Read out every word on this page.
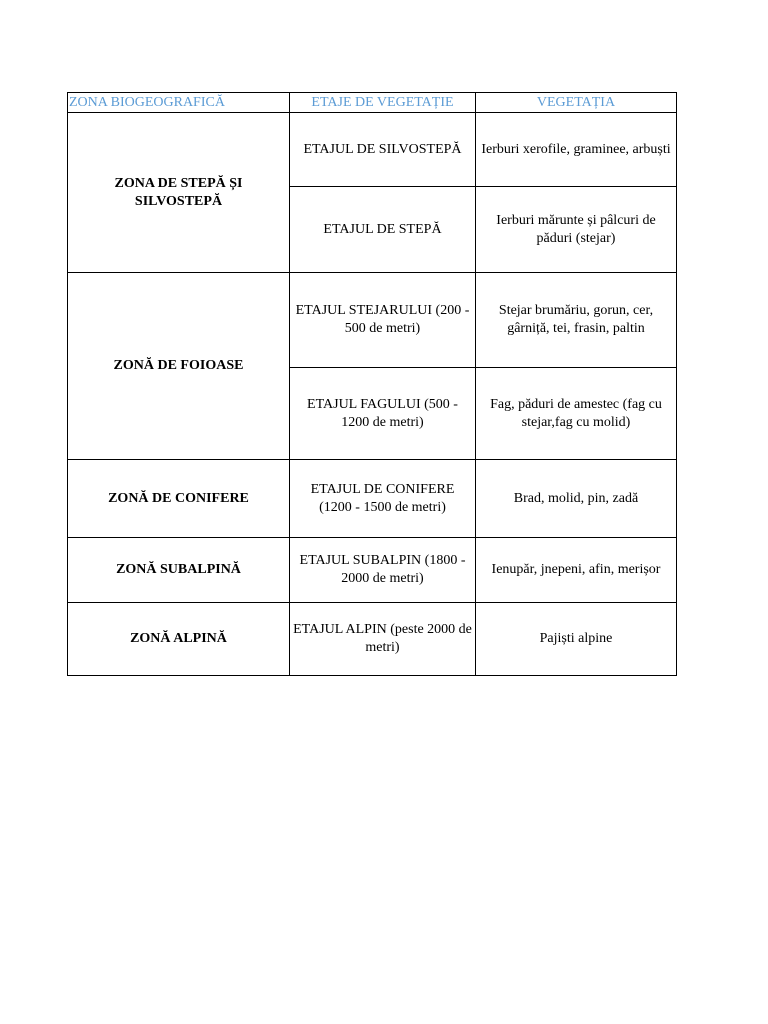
ZONA BIOGEOGRAFICĂ	ETAJE DE VEGETAȚIE	VEGETAȚIA
ZONA DE STEPĂ ȘI SILVOSTEPĂ	ETAJUL DE SILVOSTEPĂ	Ierburi xerofile, graminee, arbuști
	ETAJUL DE STEPĂ	Ierburi mărunte și pâlcuri de păduri (stejar)
ZONĂ DE FOIOASE	ETAJUL STEJARULUI (200 - 500 de metri)	Stejar brumăriu, gorun, cer, gârniță, tei, frasin, paltin
	ETAJUL FAGULUI (500 - 1200 de metri)	Fag, păduri de amestec (fag cu stejar,fag cu molid)
ZONĂ DE CONIFERE	ETAJUL DE CONIFERE (1200 - 1500 de metri)	Brad, molid, pin, zadă
ZONĂ SUBALPINĂ	ETAJUL SUBALPIN (1800 - 2000 de metri)	Ienupăr, jnepeni, afin, merișor
ZONĂ ALPINĂ	ETAJUL ALPIN (peste 2000 de metri)	Pajiști alpine
